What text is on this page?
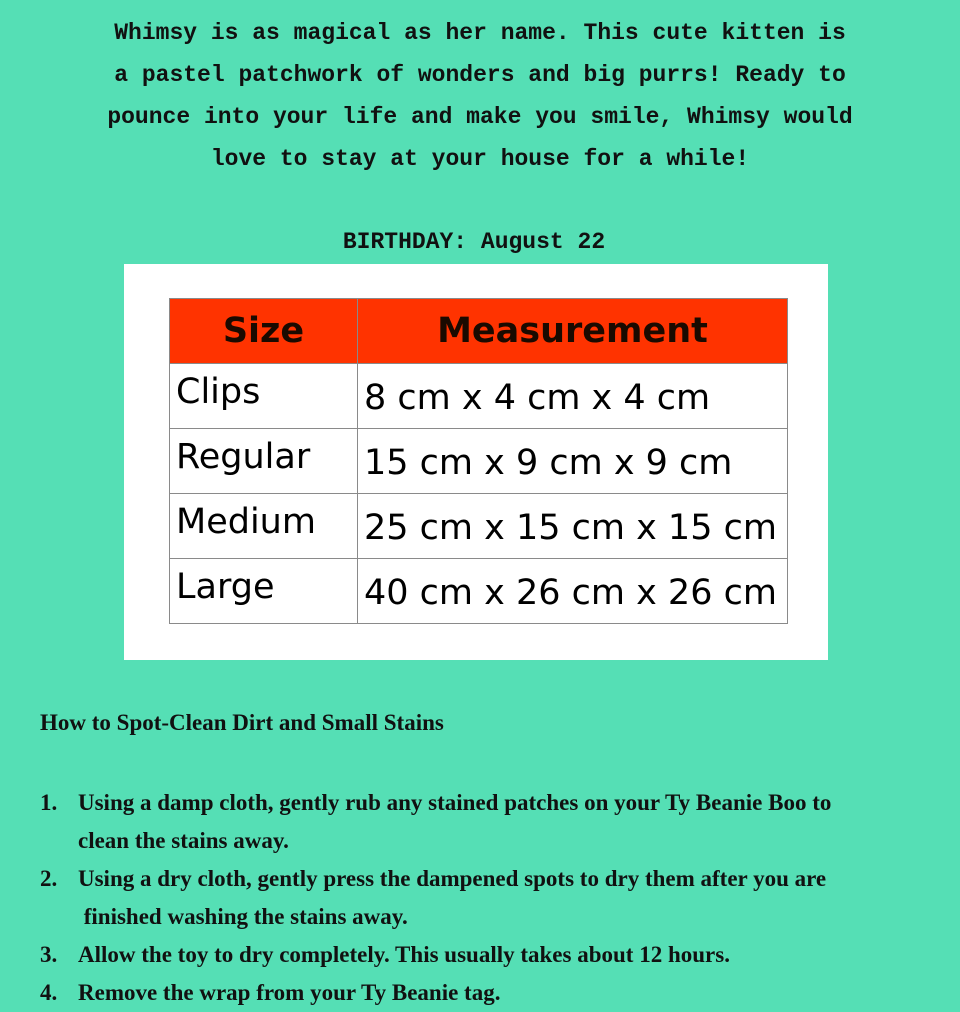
Whimsy is as magical as her name. This cute kitten is
a pastel patchwork of wonders and big purrs! Ready to
pounce into your life and make you smile, Whimsy would
love to stay at your house for a while!
BIRTHDAY: August 22
Size	Measurement
Clips	8 cm x 4 cm x 4 cm
Regular	15 cm x 9 cm x 9 cm
Medium	25 cm x 15 cm x 15 cm
Large	40 cm x 26 cm x 26 cm
How to Spot-Clean Dirt and Small Stains
1. Using a damp cloth, gently rub any stained patches on your Ty Beanie Boo to
clean the stains away.
2. Using a dry cloth, gently press the dampened spots to dry them after you are
finished washing the stains away.
3. Allow the toy to dry completely. This usually takes about 12 hours.
4. Remove the wrap from your Ty Beanie tag.
